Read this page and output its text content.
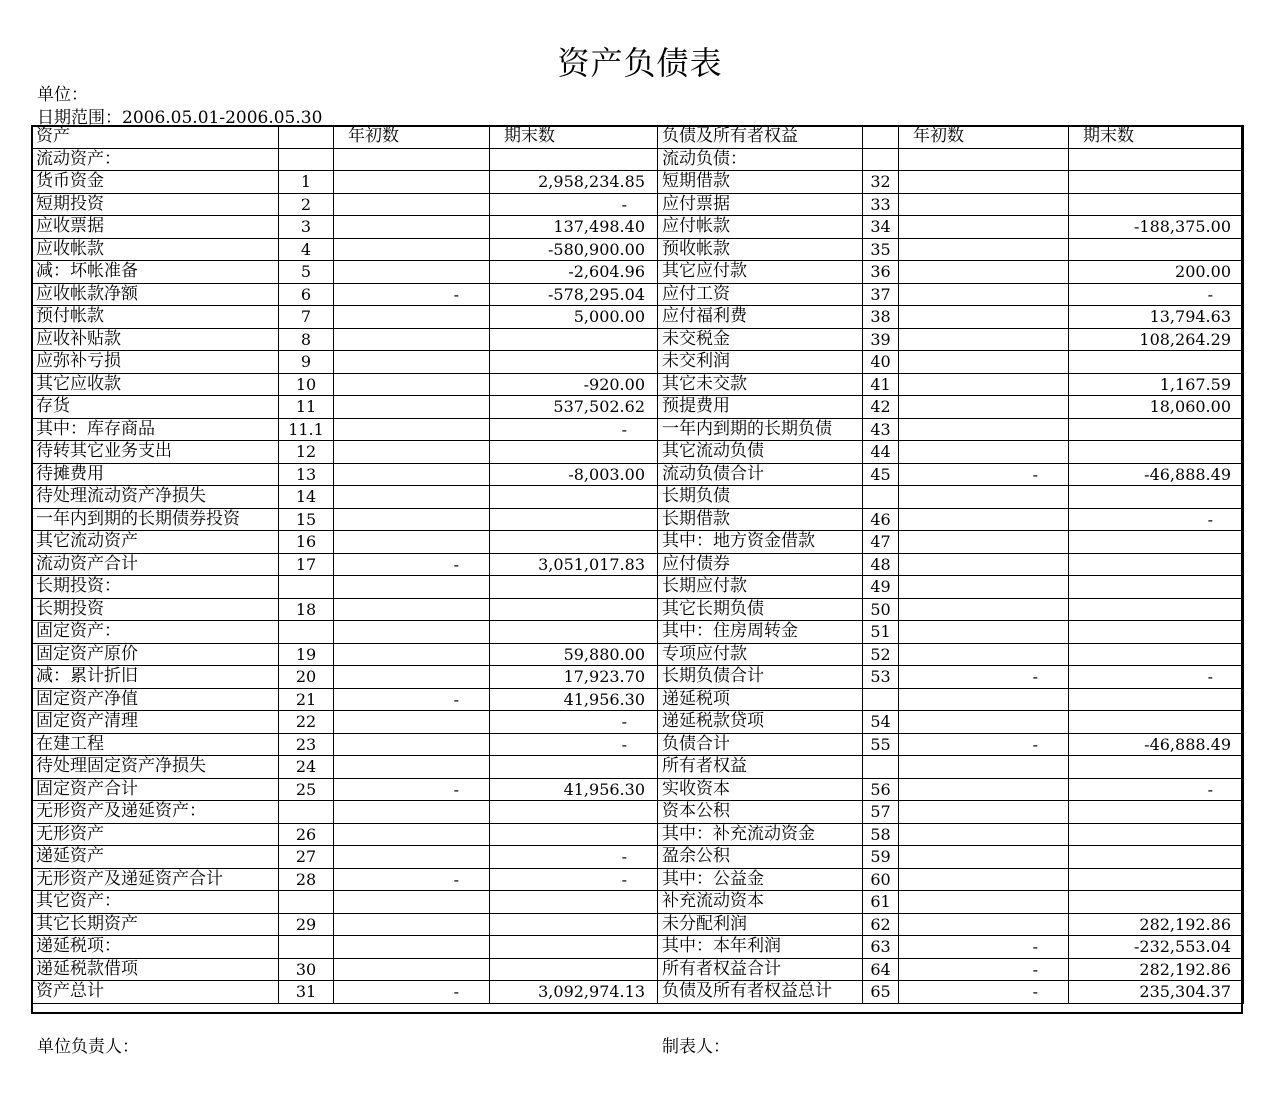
资产负债表
单位：
日期范围：2006.05.01-2006.05.30
资产		年初数	期末数	负债及所有者权益		年初数	期末数
流动资产：				流动负债：			
货币资金	1		2,958,234.85	短期借款	32		
短期投资	2		-	应付票据	33		
应收票据	3		137,498.40	应付帐款	34		-188,375.00
应收帐款	4		-580,900.00	预收帐款	35		
减：坏帐准备	5		-2,604.96	其它应付款	36		200.00
应收帐款净额	6	-	-578,295.04	应付工资	37		-
预付帐款	7		5,000.00	应付福利费	38		13,794.63
应收补贴款	8			未交税金	39		108,264.29
应弥补亏损	9			未交利润	40		
其它应收款	10		-920.00	其它未交款	41		1,167.59
存货	11		537,502.62	预提费用	42		18,060.00
其中：库存商品	11.1		-	一年内到期的长期负债	43		
待转其它业务支出	12			其它流动负债	44		
待摊费用	13		-8,003.00	流动负债合计	45	-	-46,888.49
待处理流动资产净损失	14			长期负债			
一年内到期的长期债券投资	15			长期借款	46		-
其它流动资产	16			其中：地方资金借款	47		
流动资产合计	17	-	3,051,017.83	应付债券	48		
长期投资：				长期应付款	49		
长期投资	18			其它长期负债	50		
固定资产：				其中：住房周转金	51		
固定资产原价	19		59,880.00	专项应付款	52		
减：累计折旧	20		17,923.70	长期负债合计	53	-	-
固定资产净值	21	-	41,956.30	递延税项			
固定资产清理	22		-	递延税款贷项	54		
在建工程	23		-	负债合计	55	-	-46,888.49
待处理固定资产净损失	24			所有者权益			
固定资产合计	25	-	41,956.30	实收资本	56		-
无形资产及递延资产：				资本公积	57		
无形资产	26			其中：补充流动资金	58		
递延资产	27		-	盈余公积	59		
无形资产及递延资产合计	28	-	-	其中：公益金	60		
其它资产：				补充流动资本	61		
其它长期资产	29			未分配利润	62		282,192.86
递延税项：				其中：本年利润	63	-	-232,553.04
递延税款借项	30			所有者权益合计	64	-	282,192.86
资产总计	31	-	3,092,974.13	负债及所有者权益总计	65	-	235,304.37
单位负责人：	制表人：
